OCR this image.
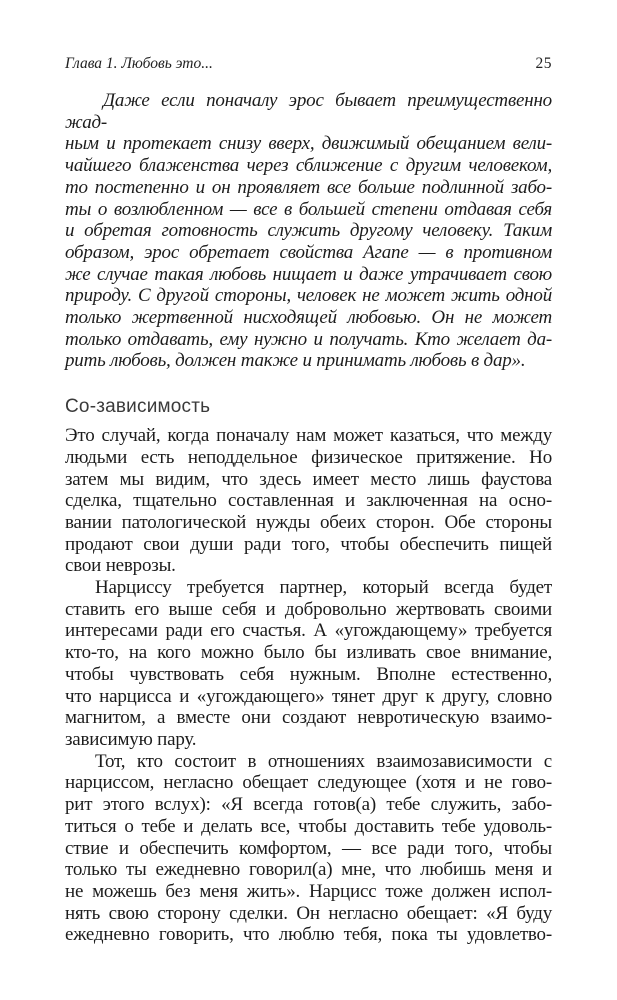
Глава 1. Любовь это...	25
Даже если поначалу эрос бывает преимущественно жад-
ным и протекает снизу вверх, движимый обещанием вели-
чайшего блаженства через сближение с другим человеком,
то постепенно и он проявляет все больше подлинной забо-
ты о возлюбленном — все в большей степени отдавая себя
и обретая готовность служить другому человеку. Таким
образом, эрос обретает свойства Агапе — в противном
же случае такая любовь нищает и даже утрачивает свою
природу. С другой стороны, человек не может жить одной
только жертвенной нисходящей любовью. Он не может
только отдавать, ему нужно и получать. Кто желает да-
рить любовь, должен также и принимать любовь в дар».
Со-зависимость
Это случай, когда поначалу нам может казаться, что между
людьми есть неподдельное физическое притяжение. Но
затем мы видим, что здесь имеет место лишь фаустова
сделка, тщательно составленная и заключенная на осно-
вании патологической нужды обеих сторон. Обе стороны
продают свои души ради того, чтобы обеспечить пищей
свои неврозы.
Нарциссу требуется партнер, который всегда будет
ставить его выше себя и добровольно жертвовать своими
интересами ради его счастья. А «угождающему» требуется
кто-то, на кого можно было бы изливать свое внимание,
чтобы чувствовать себя нужным. Вполне естественно,
что нарцисса и «угождающего» тянет друг к другу, словно
магнитом, а вместе они создают невротическую взаимо-
зависимую пару.
Тот, кто состоит в отношениях взаимозависимости с
нарциссом, негласно обещает следующее (хотя и не гово-
рит этого вслух): «Я всегда готов(а) тебе служить, забо-
титься о тебе и делать все, чтобы доставить тебе удоволь-
ствие и обеспечить комфортом, — все ради того, чтобы
только ты ежедневно говорил(а) мне, что любишь меня и
не можешь без меня жить». Нарцисс тоже должен испол-
нять свою сторону сделки. Он негласно обещает: «Я буду
ежедневно говорить, что люблю тебя, пока ты удовлетво-
